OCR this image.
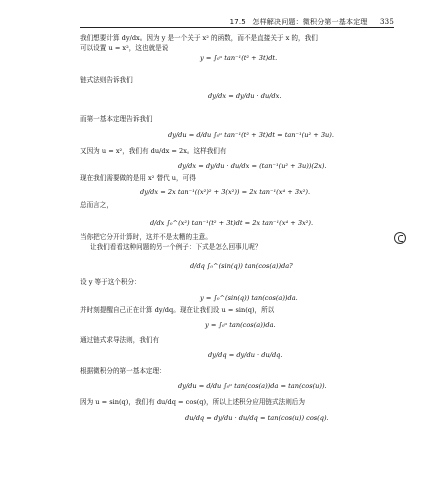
17.5 怎样解决问题：微积分第一基本定理 335
我们想要计算 dy/dx。因为 y 是一个关于 x² 的函数，而不是直接关于 x 的，我们
可以设置 u = x²，这也就是说
y = ∫₀ᵘ tan⁻¹(t² + 3t)dt.
链式法则告诉我们
dy/dx = dy/du · du/dx.
而第一基本定理告诉我们
dy/du = d/du ∫₀ᵘ tan⁻¹(t² + 3t)dt = tan⁻¹(u² + 3u).
又因为 u = x²，我们有 du/dx = 2x。这样我们有
dy/dx = dy/du · du/dx = (tan⁻¹(u² + 3u))(2x).
现在我们需要做的是用 x² 替代 u，可得
dy/dx = 2x tan⁻¹((x²)² + 3(x²)) = 2x tan⁻¹(x⁴ + 3x²).
总而言之，
d/dx ∫₀^(x²) tan⁻¹(t² + 3t)dt = 2x tan⁻¹(x⁴ + 3x²).
当你把它分开计算时，这并不是太糟的主意。
让我们看看这种问题的另一个例子：下式是怎么回事儿呢？
d/dq ∫₀^(sin(q)) tan(cos(a))da?
设 y 等于这个积分：
y = ∫₀^(sin(q)) tan(cos(a))da.
并时刻提醒自己正在计算 dy/dq。现在让我们设 u = sin(q)，所以
y = ∫₀ᵘ tan(cos(a))da.
通过链式求导法则，我们有
dy/dq = dy/du · du/dq.
根据微积分的第一基本定理：
dy/du = d/du ∫₀ᵘ tan(cos(a))da = tan(cos(u)).
因为 u = sin(q)，我们有 du/dq = cos(q)，所以上述积分应用链式法则后为
du/dq = dy/du · du/dq = tan(cos(u)) cos(q).
